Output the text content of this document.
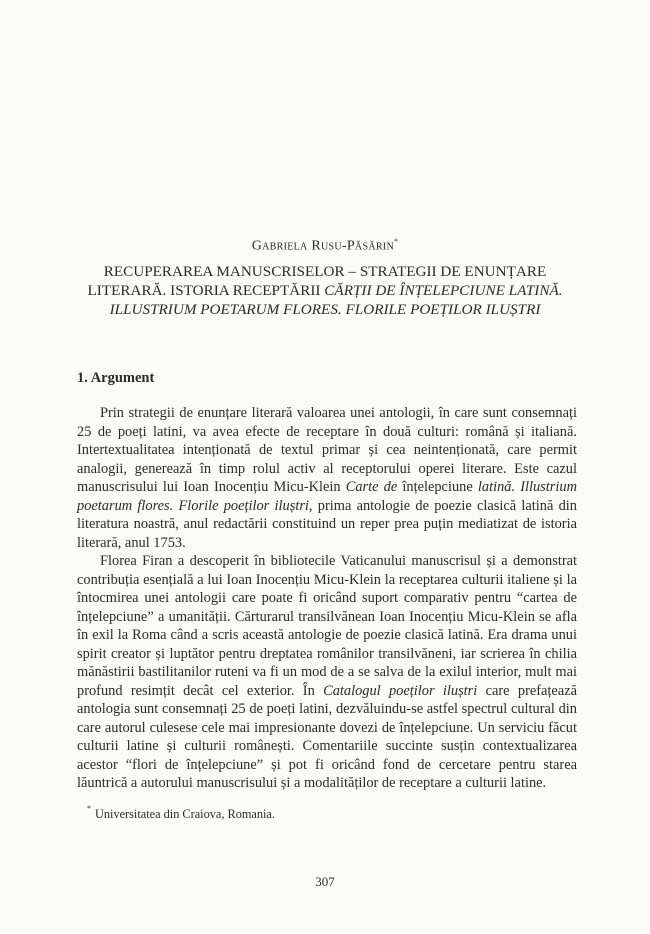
Gabriela Rusu-Păsărin*
RECUPERAREA MANUSCRISELOR – STRATEGII DE ENUNȚARE LITERARĂ. ISTORIA RECEPTĂRII CĂRȚII DE ÎNȚELEPCIUNE LATINĂ. ILLUSTRIUM POETARUM FLORES. FLORILE POEȚILOR ILUȘTRI
1. Argument

Prin strategii de enunțare literară valoarea unei antologii, în care sunt consemnați 25 de poeți latini, va avea efecte de receptare în două culturi: română și italiană. Intertextualitatea intenționată de textul primar și cea neintenționată, care permit analogii, generează în timp rolul activ al receptorului operei literare. Este cazul manuscrisului lui Ioan Inocențiu Micu-Klein Carte de înțelepciune latină. Illustrium poetarum flores. Florile poeților iluștri, prima antologie de poezie clasică latină din literatura noastră, anul redactării constituind un reper prea puțin mediatizat de istoria literară, anul 1753.

Florea Firan a descoperit în bibliotecile Vaticanului manuscrisul și a demonstrat contribuția esențială a lui Ioan Inocențiu Micu-Klein la receptarea culturii italiene și la întocmirea unei antologii care poate fi oricând suport comparativ pentru “cartea de înțelepciune” a umanității. Cărturarul transilvănean Ioan Inocențiu Micu-Klein se afla în exil la Roma când a scris această antologie de poezie clasică latină. Era drama unui spirit creator și luptător pentru dreptatea românilor transilvăneni, iar scrierea în chilia mănăstirii bastilitanilor ruteni va fi un mod de a se salva de la exilul interior, mult mai profund resimțit decât cel exterior. În Catalogul poeților iluștri care prefațează antologia sunt consemnați 25 de poeți latini, dezvăluindu-se astfel spectrul cultural din care autorul culesese cele mai impresionante dovezi de înțelepciune. Un serviciu făcut culturii latine și culturii românești. Comentariile succinte susțin contextualizarea acestor “flori de înțelepciune” și pot fi oricând fond de cercetare pentru starea lăuntrică a autorului manuscrisului și a modalităților de receptare a culturii latine.

* Universitatea din Craiova, Romania.
307
